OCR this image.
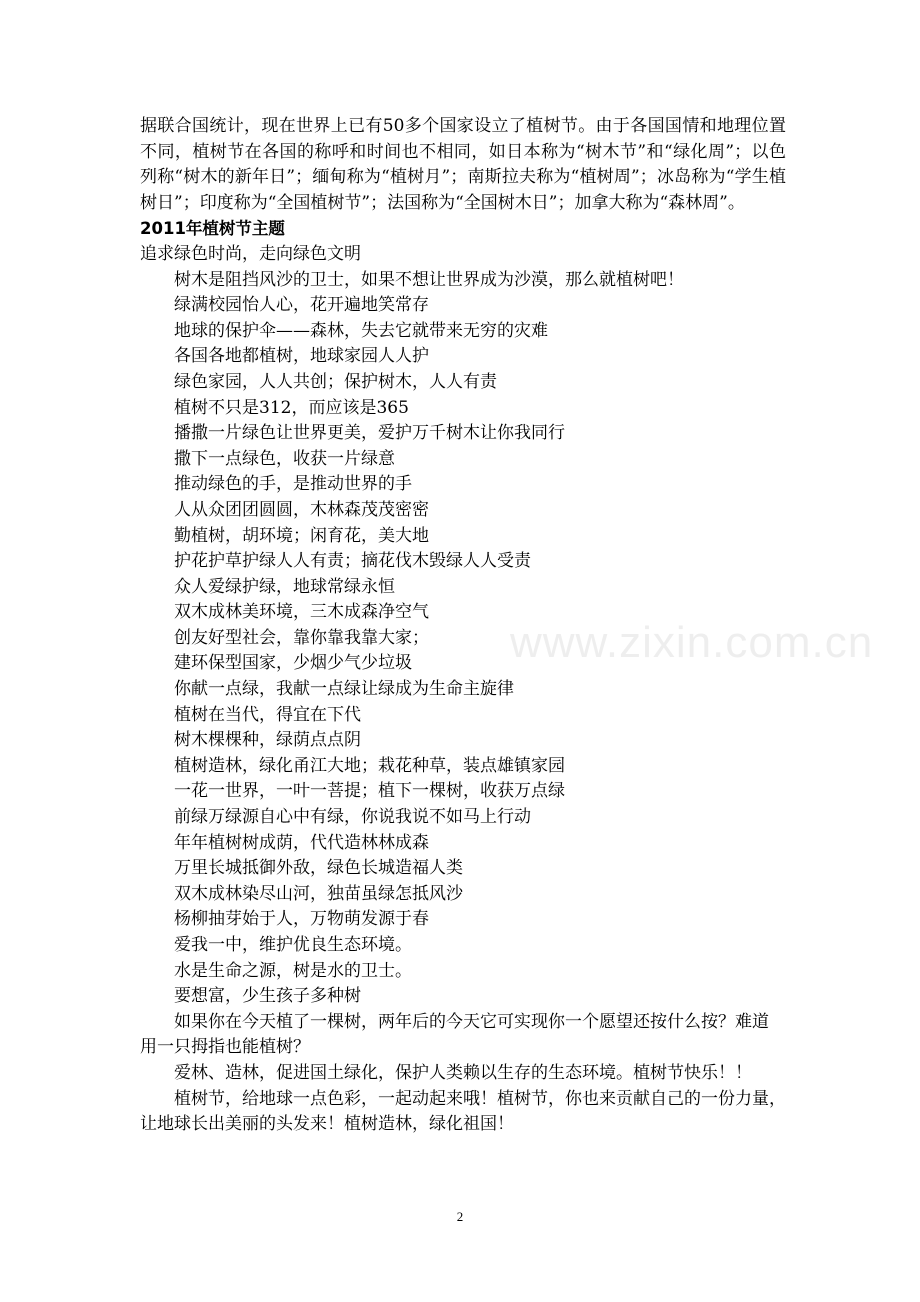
据联合国统计，现在世界上已有50多个国家设立了植树节。由于各国国情和地理位置不同，植树节在各国的称呼和时间也不相同，如日本称为“树木节”和“绿化周”；以色列称“树木的新年日”；缅甸称为“植树月”；南斯拉夫称为“植树周”；冰岛称为“学生植树日”；印度称为“全国植树节”；法国称为“全国树木日”；加拿大称为“森林周”。

2011年植树节主题

追求绿色时尚，走向绿色文明

树木是阻挡风沙的卫士，如果不想让世界成为沙漠，那么就植树吧！
绿满校园怡人心，花开遍地笑常存
地球的保护伞——森林，失去它就带来无穷的灾难
各国各地都植树，地球家园人人护
绿色家园，人人共创；保护树木，人人有责
植树不只是312，而应该是365
播撒一片绿色让世界更美，爱护万千树木让你我同行
撒下一点绿色，收获一片绿意
推动绿色的手，是推动世界的手
人从众团团圆圆，木林森茂茂密密
勤植树，胡环境；闲育花，美大地
护花护草护绿人人有责；摘花伐木毁绿人人受责
众人爱绿护绿，地球常绿永恒
双木成林美环境，三木成森净空气
创友好型社会，靠你靠我靠大家；
建环保型国家，少烟少气少垃圾
你献一点绿，我献一点绿让绿成为生命主旋律
植树在当代，得宜在下代
树木棵棵种，绿荫点点阴
植树造林，绿化甬江大地；栽花种草，装点雄镇家园
一花一世界，一叶一菩提；植下一棵树，收获万点绿
前绿万绿源自心中有绿，你说我说不如马上行动
年年植树树成荫，代代造林林成森
万里长城抵御外敌，绿色长城造福人类
双木成林染尽山河，独苗虽绿怎抵风沙
杨柳抽芽始于人，万物萌发源于春
爱我一中，维护优良生态环境。
水是生命之源，树是水的卫士。
要想富，少生孩子多种树

如果你在今天植了一棵树，两年后的今天它可实现你一个愿望还按什么按？难道用一只拇指也能植树？

爱林、造林，促进国土绿化，保护人类赖以生存的生态环境。植树节快乐！！

植树节，给地球一点色彩，一起动起来哦！植树节，你也来贡献自己的一份力量，让地球长出美丽的头发来！植树造林，绿化祖国！

www.zixin.com.cn
2
